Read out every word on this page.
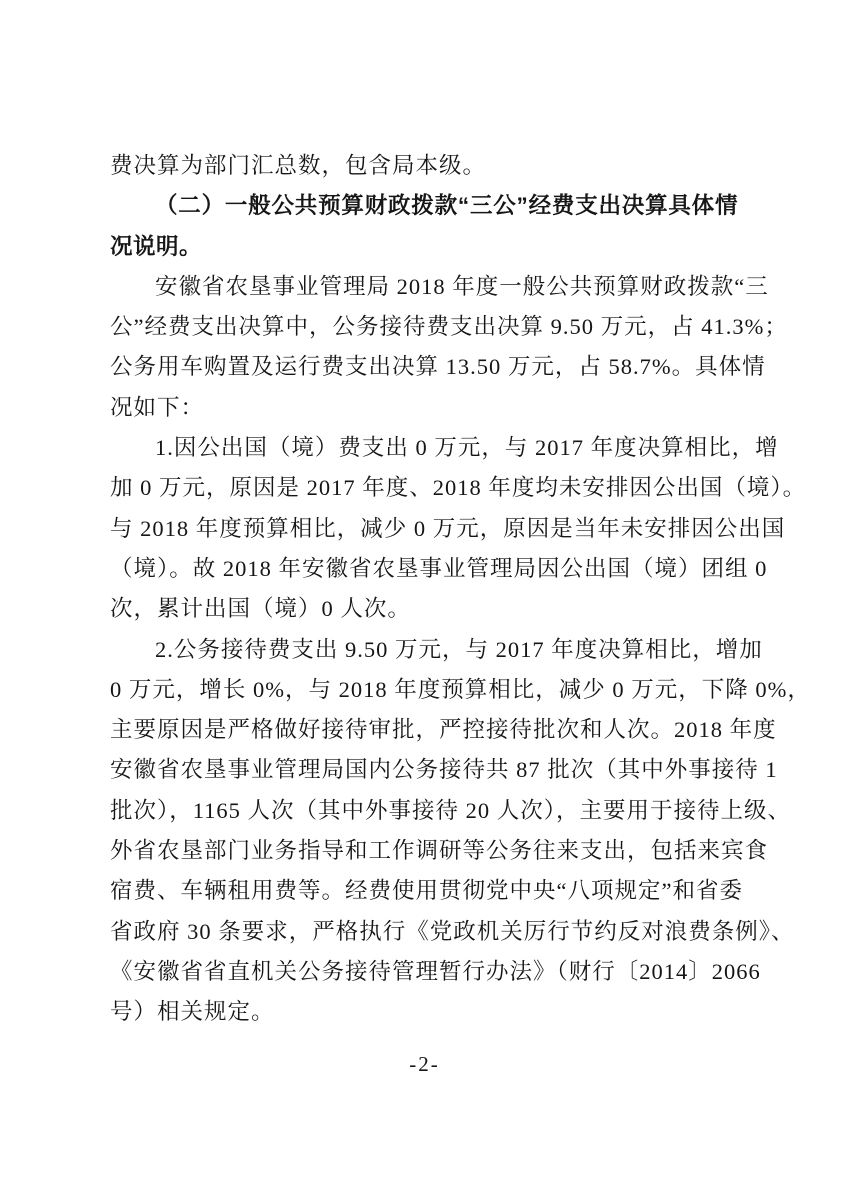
费决算为部门汇总数，包含局本级。
（二）一般公共预算财政拨款“三公”经费支出决算具体情
况说明。
安徽省农垦事业管理局 2018 年度一般公共预算财政拨款“三
公”经费支出决算中，公务接待费支出决算 9.50 万元，占 41.3%；
公务用车购置及运行费支出决算 13.50 万元，占 58.7%。具体情
况如下：
1.因公出国（境）费支出 0 万元，与 2017 年度决算相比，增
加 0 万元，原因是 2017 年度、2018 年度均未安排因公出国（境）。
与 2018 年度预算相比，减少 0 万元，原因是当年未安排因公出国
（境）。故 2018 年安徽省农垦事业管理局因公出国（境）团组 0
次，累计出国（境）0 人次。
2.公务接待费支出 9.50 万元，与 2017 年度决算相比，增加
0 万元，增长 0%，与 2018 年度预算相比，减少 0 万元，下降 0%，
主要原因是严格做好接待审批，严控接待批次和人次。2018 年度
安徽省农垦事业管理局国内公务接待共 87 批次（其中外事接待 1
批次），1165 人次（其中外事接待 20 人次），主要用于接待上级、
外省农垦部门业务指导和工作调研等公务往来支出，包括来宾食
宿费、车辆租用费等。经费使用贯彻党中央“八项规定”和省委
省政府 30 条要求，严格执行《党政机关厉行节约反对浪费条例》、
《安徽省省直机关公务接待管理暂行办法》（财行〔2014〕2066
号）相关规定。
-2-
